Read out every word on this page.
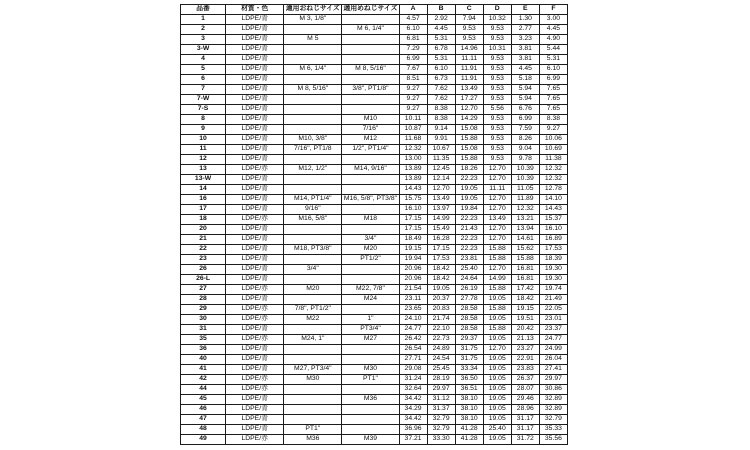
品番	材質・色	適用おねじサイズ	適用めねじサイズ	A	B	C	D	E	F
1	LDPE/青	M 3, 1/8"		4.57	2.92	7.94	10.32	1.30	3.00
2	LDPE/青		M 6, 1/4"	6.10	4.45	9.53	9.53	2.77	4.45
3	LDPE/青	M 5		6.81	5.31	9.53	9.53	3.23	4.90
3-W	LDPE/青			7.29	6.78	14.96	10.31	3.81	5.44
4	LDPE/青			6.99	5.31	11.11	9.53	3.81	5.31
5	LDPE/青	M 6, 1/4"	M 8, 5/16"	7.67	6.10	11.91	9.53	4.45	6.10
6	LDPE/青			8.51	6.73	11.91	9.53	5.18	6.99
7	LDPE/青	M 8, 5/16"	3/8", PT1/8"	9.27	7.62	13.49	9.53	5.94	7.65
7-W	LDPE/青			9.27	7.62	17.27	9.53	5.94	7.65
7-S	LDPE/青			9.27	8.38	12.70	5.56	6.76	7.65
8	LDPE/青		M10	10.11	8.38	14.29	9.53	6.99	8.38
9	LDPE/青		7/16"	10.87	9.14	15.08	9.53	7.59	9.27
10	LDPE/青	M10, 3/8"	M12	11.68	9.91	15.88	9.53	8.26	10.06
11	LDPE/青	7/16", PT1/8	1/2", PT1/4"	12.32	10.67	15.08	9.53	9.04	10.69
12	LDPE/青			13.00	11.35	15.88	9.53	9.78	11.38
13	LDPE/赤	M12, 1/2"	M14, 9/16"	13.89	12.45	18.26	12.70	10.39	12.32
13-W	LDPE/青			13.89	12.14	22.23	12.70	10.39	12.32
14	LDPE/青			14.43	12.70	19.05	11.11	11.05	12.78
16	LDPE/青	M14, PT1/4"	M16, 5/8", PT3/8"	15.75	13.49	19.05	12.70	11.89	14.10
17	LDPE/青	9/16"		16.10	13.97	19.84	12.70	12.32	14.43
18	LDPE/赤	M16, 5/8"	M18	17.15	14.99	22.23	13.49	13.21	15.37
20	LDPE/青			17.15	15.49	21.43	12.70	13.94	16.10
21	LDPE/青		3/4"	18.49	16.28	22.23	12.70	14.61	16.89
22	LDPE/青	M18, PT3/8"	M20	19.15	17.15	22.23	15.88	15.62	17.53
23	LDPE/青		PT1/2"	19.94	17.53	23.81	15.88	15.88	18.39
26	LDPE/青	3/4"		20.96	18.42	25.40	12.70	16.81	19.30
26-L	LDPE/青			20.96	18.42	24.64	14.99	16.81	19.30
27	LDPE/赤	M20	M22, 7/8"	21.54	19.05	26.19	15.88	17.42	19.74
28	LDPE/青		M24	23.11	20.37	27.78	19.05	18.42	21.49
29	LDPE/赤	7/8", PT1/2"		23.65	20.83	28.58	15.88	19.15	22.05
30	LDPE/赤	M22	1"	24.10	21.74	28.58	19.05	19.51	23.01
31	LDPE/青		PT3/4"	24.77	22.10	28.58	15.88	20.42	23.37
35	LDPE/赤	M24, 1"	M27	26.42	22.73	29.37	19.05	21.13	24.77
36	LDPE/青			26.54	24.89	31.75	12.70	23.27	24.99
40	LDPE/青			27.71	24.54	31.75	19.05	22.91	26.04
41	LDPE/青	M27, PT3/4"	M30	29.08	25.45	33.34	19.05	23.83	27.41
42	LDPE/赤	M30	PT1"	31.24	28.19	36.50	19.05	26.37	29.97
44	LDPE/赤			32.64	29.97	36.51	19.05	28.07	30.86
45	LDPE/青		M36	34.42	31.12	38.10	19.05	29.46	32.89
46	LDPE/青			34.29	31.37	38.10	19.05	28.96	32.89
47	LDPE/青			34.42	32.79	38.10	19.05	31.17	32.79
48	LDPE/青	PT1"		36.96	32.79	41.28	25.40	31.17	35.33
49	LDPE/赤	M36	M39	37.21	33.30	41.28	19.05	31.72	35.56
